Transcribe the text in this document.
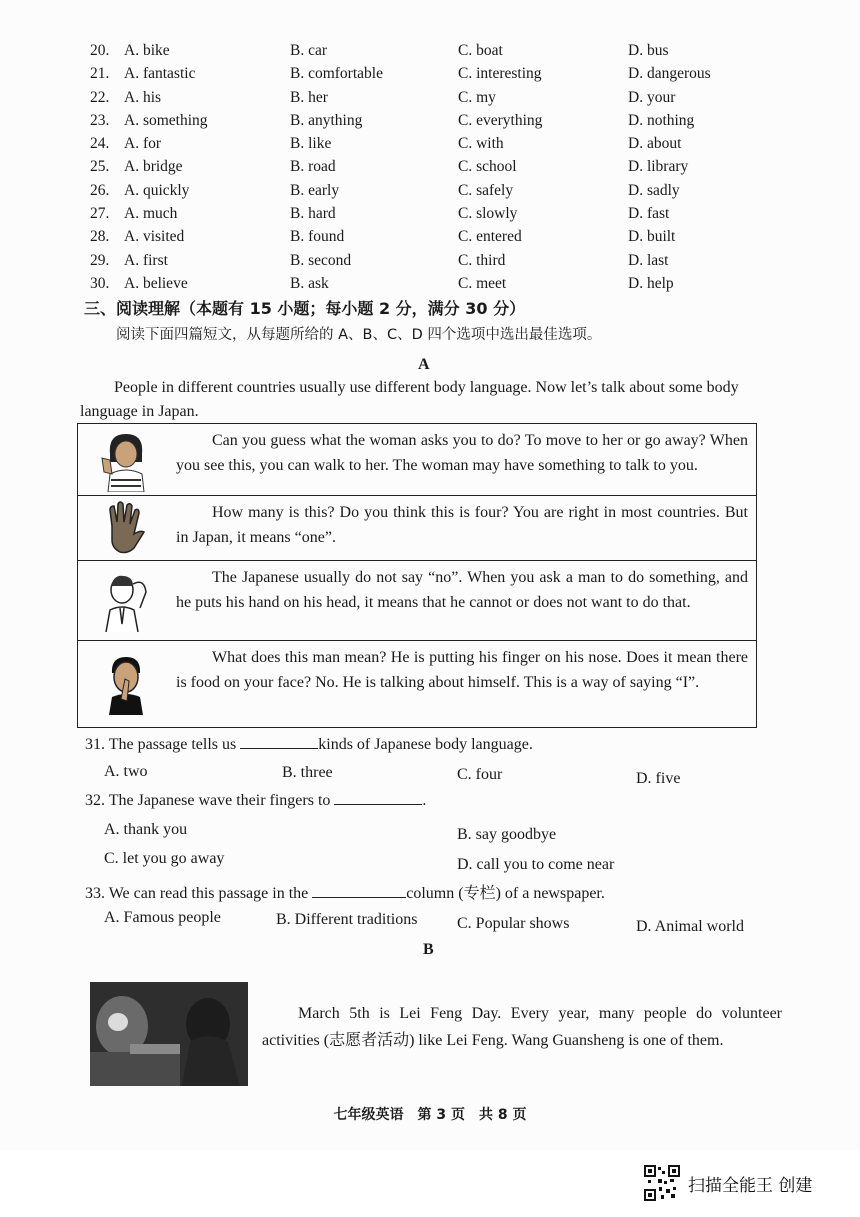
20. A. bike	B. car	C. boat	D. bus
21. A. fantastic	B. comfortable	C. interesting	D. dangerous
22. A. his	B. her	C. my	D. your
23. A. something	B. anything	C. everything	D. nothing
24. A. for	B. like	C. with	D. about
25. A. bridge	B. road	C. school	D. library
26. A. quickly	B. early	C. safely	D. sadly
27. A. much	B. hard	C. slowly	D. fast
28. A. visited	B. found	C. entered	D. built
29. A. first	B. second	C. third	D. last
30. A. believe	B. ask	C. meet	D. help
三、阅读理解（本题有 15 小题；每小题 2 分，满分 30 分）
阅读下面四篇短文，从每题所给的 A、B、C、D 四个选项中选出最佳选项。
A
People in different countries usually use different body language. Now let’s talk about some body language in Japan.
Can you guess what the woman asks you to do? To move to her or go away? When you see this, you can walk to her. The woman may have something to talk to you.
How many is this? Do you think this is four? You are right in most countries. But in Japan, it means “one”.
The Japanese usually do not say “no”. When you ask a man to do something, and he puts his hand on his head, it means that he cannot or does not want to do that.
What does this man mean? He is putting his finger on his nose. Does it mean there is food on your face? No. He is talking about himself. This is a way of saying “I”.
31. The passage tells us	kinds of Japanese body language.
A. two	B. three	C. four	D. five
32. The Japanese wave their fingers to	.
A. thank you	B. say goodbye
C. let you go away	D. call you to come near
33. We can read this passage in the	column (专栏) of a newspaper.
A. Famous people	B. Different traditions C. Popular shows	D. Animal world
B
March 5th is Lei Feng Day. Every year, many people do volunteer activities (志愿者活动) like Lei Feng. Wang Guansheng is one of them.
七年级英语　第 3 页　共 8 页
扫描全能王 创建
